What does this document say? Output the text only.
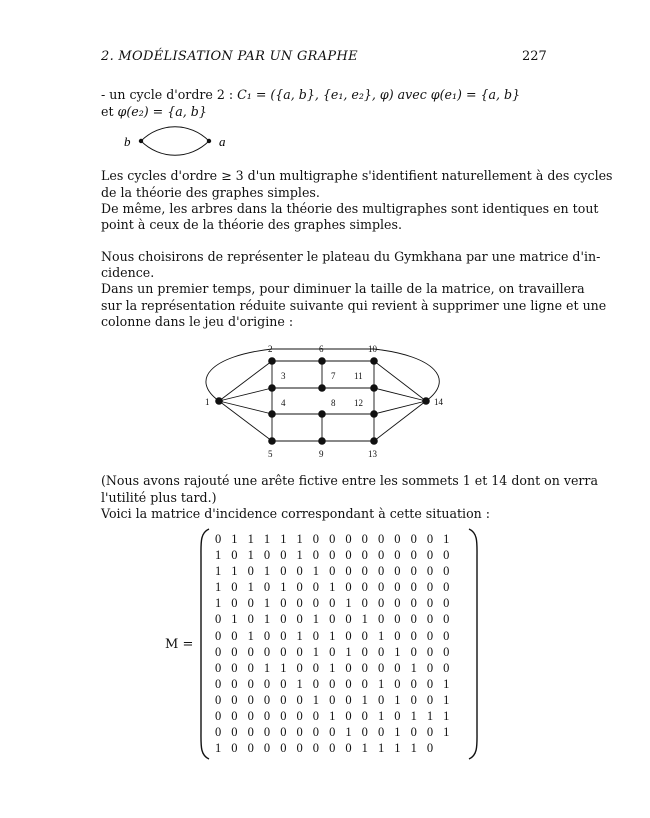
2. MODÉLISATION PAR UN GRAPHE	227
- un cycle d'ordre 2 : C₁ = ({a, b}, {e₁, e₂}, φ) avec φ(e₁) = {a, b}
et φ(e₂) = {a, b}
b	a
Les cycles d'ordre ≥ 3 d'un multigraphe s'identifient naturellement à des cycles
de la théorie des graphes simples.
De même, les arbres dans la théorie des multigraphes sont identiques en tout
point à ceux de la théorie des graphes simples.
Nous choisirons de représenter le plateau du Gymkhana par une matrice d'in-
cidence.
Dans un premier temps, pour diminuer la taille de la matrice, on travaillera
sur la représentation réduite suivante qui revient à supprimer une ligne et une
colonne dans le jeu d'origine :
1
2
3
4
5
6
7
8
9
10
11
12
13
14
(Nous avons rajouté une arête fictive entre les sommets 1 et 14 dont on verra
l'utilité plus tard.)
Voici la matrice d'incidence correspondant à cette situation :
M =
0 1 1 1 1 1 0 0 0 0 0 0 0 0 1
1 0 1 0 0 1 0 0 0 0 0 0 0 0 0
1 1 0 1 0 0 1 0 0 0 0 0 0 0 0
1 0 1 0 1 0 0 1 0 0 0 0 0 0 0
1 0 0 1 0 0 0 0 1 0 0 0 0 0 0
0 1 0 1 0 0 1 0 0 1 0 0 0 0 0
0 0 1 0 0 1 0 1 0 0 1 0 0 0 0
0 0 0 0 0 0 1 0 1 0 0 1 0 0 0
0 0 0 1 1 0 0 1 0 0 0 0 1 0 0
0 0 0 0 0 1 0 0 0 0 1 0 0 0 1
0 0 0 0 0 0 1 0 0 1 0 1 0 0 1
0 0 0 0 0 0 0 1 0 0 1 0 1 1 1
0 0 0 0 0 0 0 0 1 0 0 1 0 0 1
1 0 0 0 0 0 0 0 0 1 1 1 1 0
